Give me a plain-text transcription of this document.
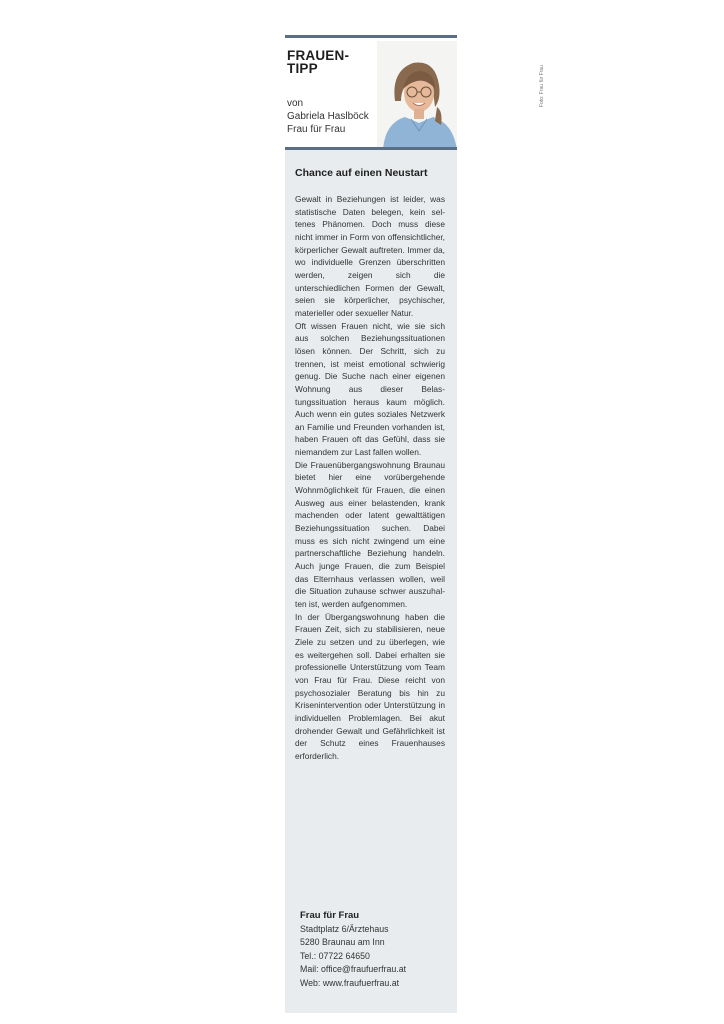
FRAUEN-
TIPP
von
Gabriela Haslböck
Frau für Frau
Foto: Frau für Frau
Chance auf einen Neustart

Gewalt in Beziehungen ist leider, was statistische Daten belegen, kein seltenes Phänomen. Doch muss diese nicht immer in Form von offensichtlicher, körperlicher Gewalt auftreten. Immer da, wo individuelle Grenzen überschritten werden, zeigen sich die unterschiedlichen Formen der Gewalt, seien sie körperlicher, psychischer, materieller oder sexueller Natur.

Oft wissen Frauen nicht, wie sie sich aus solchen Beziehungssituationen lösen können. Der Schritt, sich zu trennen, ist meist emotional schwierig genug. Die Suche nach einer eigenen Wohnung aus dieser Belastungssituation heraus kaum möglich. Auch wenn ein gutes soziales Netzwerk an Familie und Freunden vorhanden ist, haben Frauen oft das Gefühl, dass sie niemandem zur Last fallen wollen.

Die Frauenübergangswohnung Braunau bietet hier eine vorübergehende Wohnmöglichkeit für Frauen, die einen Ausweg aus einer belastenden, krank machenden oder latent gewalttätigen Beziehungssituation suchen. Dabei muss es sich nicht zwingend um eine partnerschaftliche Beziehung handeln. Auch junge Frauen, die zum Beispiel das Elternhaus verlassen wollen, weil die Situation zuhause schwer auszuhalten ist, werden aufgenommen.

In der Übergangswohnung haben die Frauen Zeit, sich zu stabilisieren, neue Ziele zu setzen und zu überlegen, wie es weitergehen soll. Dabei erhalten sie professionelle Unterstützung vom Team von Frau für Frau. Diese reicht von psychosozialer Beratung bis hin zu Krisenintervention oder Unterstützung in individuellen Problemlagen. Bei akut drohender Gewalt und Gefährlichkeit ist der Schutz eines Frauenhauses erforderlich.

Frau für Frau
Stadtplatz 6/Ärztehaus
5280 Braunau am Inn
Tel.: 07722 64650
Mail: office@fraufuerfrau.at
Web: www.fraufuerfrau.at
